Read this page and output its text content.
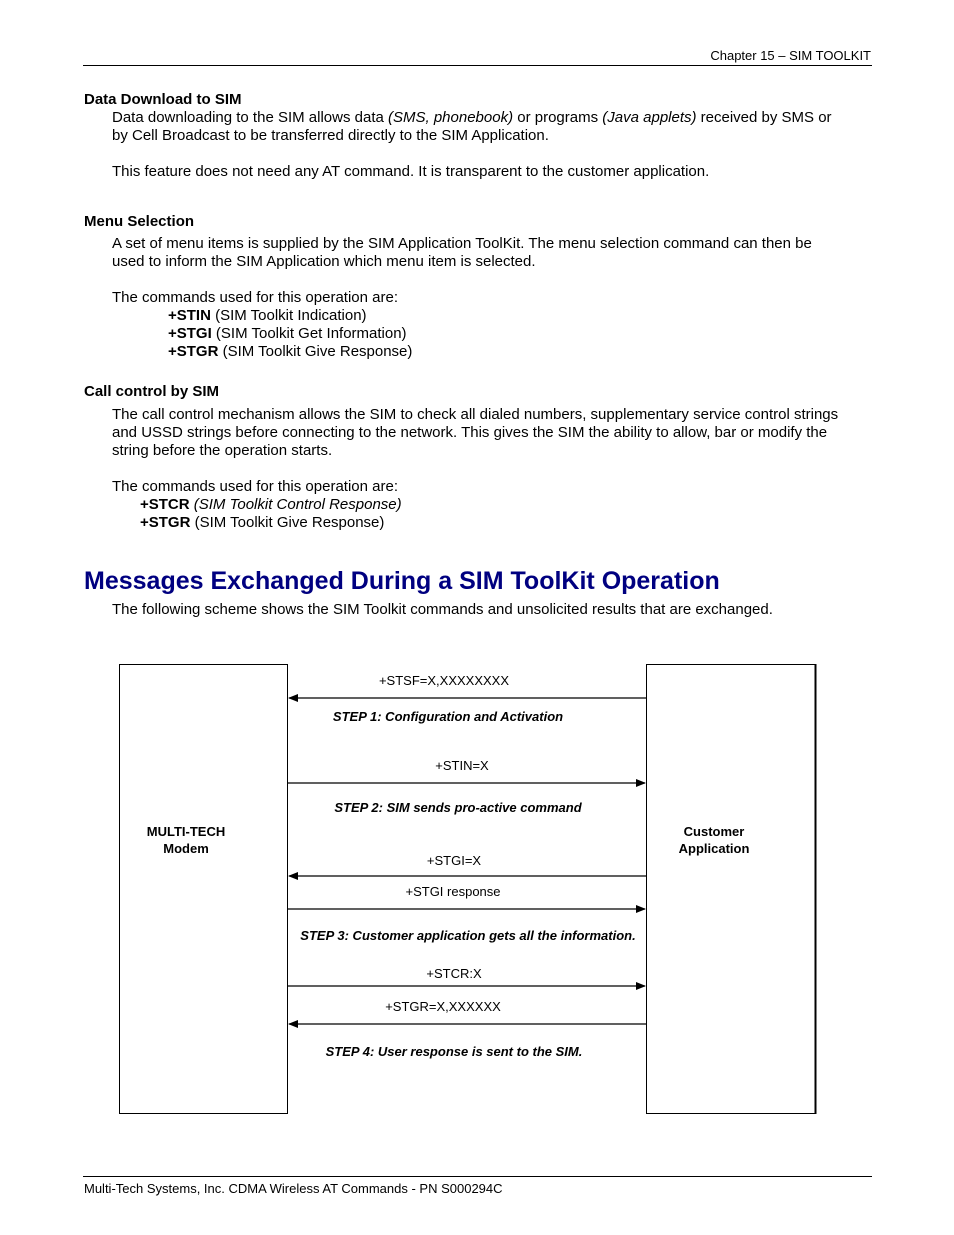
Chapter 15 – SIM TOOLKIT
Data Download to SIM
Data downloading to the SIM allows data (SMS, phonebook) or programs (Java applets) received by SMS or by Cell Broadcast to be transferred directly to the SIM Application.
This feature does not need any AT command. It is transparent to the customer application.
Menu Selection
A set of menu items is supplied by the SIM Application ToolKit. The menu selection command can then be used to inform the SIM Application which menu item is selected.
The commands used for this operation are:
+STIN (SIM Toolkit Indication)
+STGI (SIM Toolkit Get Information)
+STGR (SIM Toolkit Give Response)
Call control by SIM
The call control mechanism allows the SIM to check all dialed numbers, supplementary service control strings and USSD strings before connecting to the network. This gives the SIM the ability to allow, bar or modify the string before the operation starts.
The commands used for this operation are:
+STCR (SIM Toolkit Control Response)
+STGR (SIM Toolkit Give Response)
Messages Exchanged During a SIM ToolKit Operation
The following scheme shows the SIM Toolkit commands and unsolicited results that are exchanged.
MULTI-TECH
Modem
Customer
Application
+STSF=X,XXXXXXXX
STEP 1: Configuration and Activation
+STIN=X
STEP 2: SIM sends pro-active command
+STGI=X
+STGI response
STEP 3: Customer application gets all the information.
+STCR:X
+STGR=X,XXXXXX
STEP 4: User response is sent to the SIM.
Multi-Tech Systems, Inc. CDMA Wireless AT Commands - PN S000294C
